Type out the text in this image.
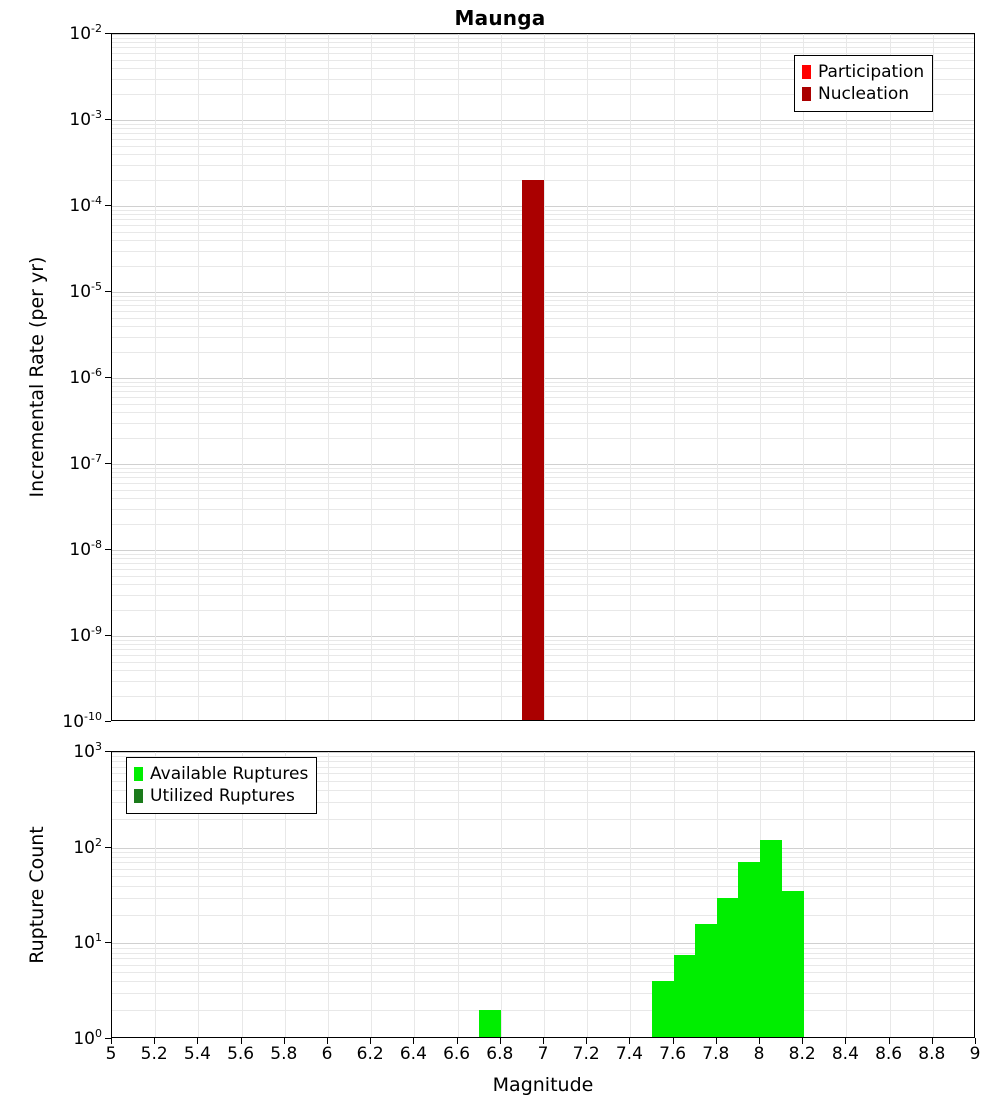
Maunga
$10^{-10}$
$10^{-9}$
$10^{-8}$
$10^{-7}$
$10^{-6}$
$10^{-5}$
$10^{-4}$
$10^{-3}$
$10^{-2}$
Incremental Rate (per yr)
$10^0$
$10^1$
$10^2$
$10^3$
Rupture Count
5 5.2 5.4 5.6 5.8 6 6.2 6.4 6.6 6.8 7 7.2 7.4 7.6 7.8 8 8.2 8.4 8.6 8.8 9
Magnitude
Participation
Nucleation
Available Ruptures
Utilized Ruptures
